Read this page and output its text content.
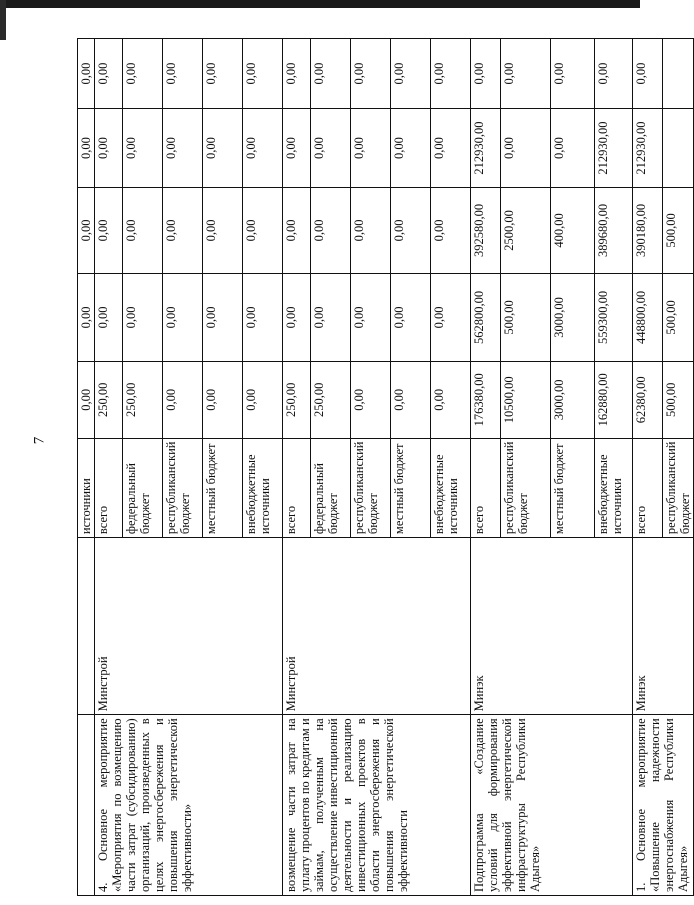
7
		источники	0,00	0,00	0,00	0,00	0,00
4. Основное мероприятие «Мероприятия по возмещению части затрат (субсидированию) организаций, произведенных в целях энергосбережения и повышения энергетической эффективности»	Минстрой	всего	250,00	0,00	0,00	0,00	0,00
		федеральный бюджет	250,00	0,00	0,00	0,00	0,00
		республиканский бюджет	0,00	0,00	0,00	0,00	0,00
		местный бюджет	0,00	0,00	0,00	0,00	0,00
		внебюджетные источники	0,00	0,00	0,00	0,00	0,00
возмещение части затрат на уплату процентов по кредитам и займам, полученным на осуществление инвестиционной деятельности и реализацию инвестиционных проектов в области энергосбережения и повышения энергетической эффективности	Минстрой	всего	250,00	0,00	0,00	0,00	0,00
		федеральный бюджет	250,00	0,00	0,00	0,00	0,00
		республиканский бюджет	0,00	0,00	0,00	0,00	0,00
		местный бюджет	0,00	0,00	0,00	0,00	0,00
		внебюджетные источники	0,00	0,00	0,00	0,00	0,00
Подпрограмма «Создание условий для формирования эффективной энергетической инфраструктуры Республики Адыгея»	Минэк	всего	176380,00	562800,00	392580,00	212930,00	0,00
		республиканский бюджет	10500,00	500,00	2500,00	0,00	0,00
		местный бюджет	3000,00	3000,00	400,00	0,00	0,00
		внебюджетные источники	162880,00	559300,00	389680,00	212930,00	0,00
1. Основное мероприятие «Повышение надежности энергоснабжения Республики Адыгея»	Минэк	всего	62380,00	448800,00	390180,00	212930,00	0,00
		республиканский бюджет	500,00	500,00	500,00		
